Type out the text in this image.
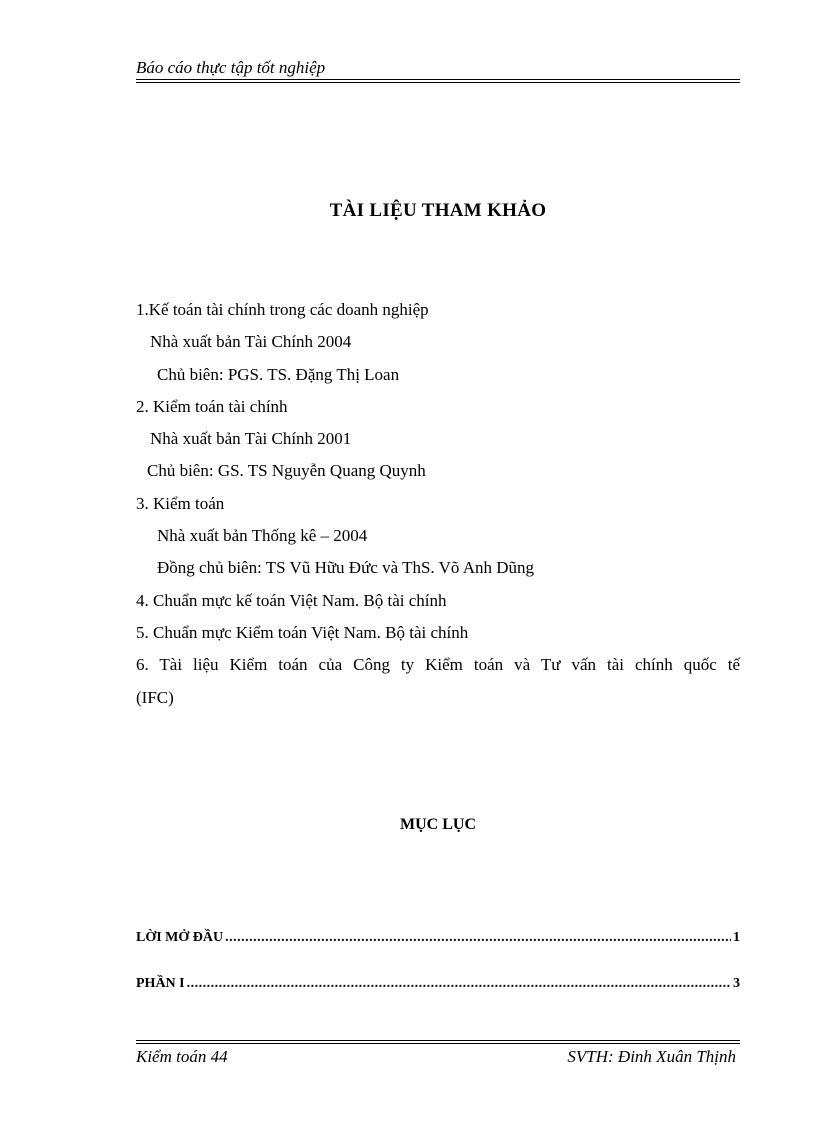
Báo cáo thực tập tốt nghiệp
TÀI LIỆU THAM KHẢO
1.Kế toán tài chính trong các doanh nghiệp
Nhà xuất bản Tài Chính 2004
Chủ biên: PGS. TS. Đặng Thị Loan
2. Kiểm toán tài chính
Nhà xuất bản Tài Chính 2001
Chủ biên: GS. TS Nguyễn Quang Quynh
3. Kiểm toán
Nhà xuất bản Thống kê – 2004
Đồng chủ biên: TS Vũ Hữu Đức và ThS. Võ Anh Dũng
4. Chuẩn mực kế toán Việt Nam. Bộ tài chính
5. Chuẩn mực Kiểm toán Việt Nam. Bộ tài chính
6. Tài liệu Kiểm toán của Công ty Kiểm toán và Tư vấn tài chính quốc tế
(IFC)
MỤC LỤC
LỜI MỞ ĐẦU .....	1
PHẦN I .....	3
Kiểm toán 44	SVTH: Đinh Xuân Thịnh
